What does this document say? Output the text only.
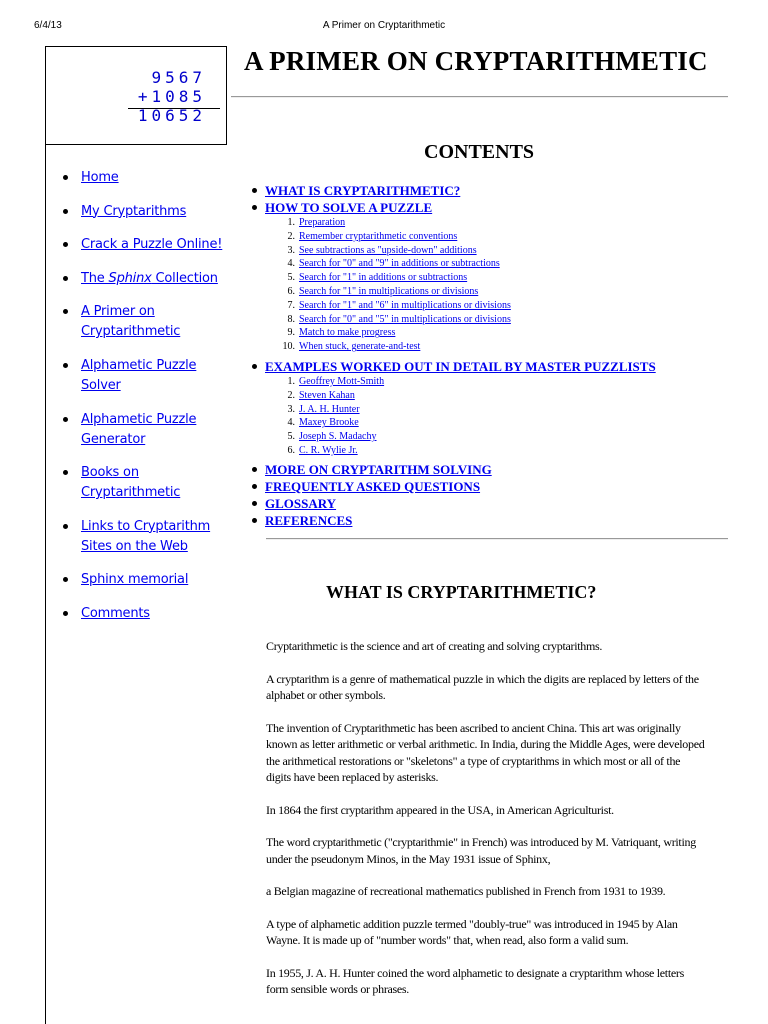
6/4/13	A Primer on Cryptarithmetic
9567
+1085
10652
A PRIMER ON CRYPTARITHMETIC
Home
My Cryptarithms
Crack a Puzzle Online!
The Sphinx Collection
A Primer on Cryptarithmetic
Alphametic Puzzle Solver
Alphametic Puzzle Generator
Books on Cryptarithmetic
Links to Cryptarithm Sites on the Web
Sphinx memorial
Comments
CONTENTS
WHAT IS CRYPTARITHMETIC?
HOW TO SOLVE A PUZZLE
1. Preparation
2. Remember cryptarithmetic conventions
3. See subtractions as "upside-down" additions
4. Search for "0" and "9" in additions or subtractions
5. Search for "1" in additions or subtractions
6. Search for "1" in multiplications or divisions
7. Search for "1" and "6" in multiplications or divisions
8. Search for "0" and "5" in multiplications or divisions
9. Match to make progress
10. When stuck, generate-and-test
EXAMPLES WORKED OUT IN DETAIL BY MASTER PUZZLISTS
1. Geoffrey Mott-Smith
2. Steven Kahan
3. J. A. H. Hunter
4. Maxey Brooke
5. Joseph S. Madachy
6. C. R. Wylie Jr.
MORE ON CRYPTARITHM SOLVING
FREQUENTLY ASKED QUESTIONS
GLOSSARY
REFERENCES
WHAT IS CRYPTARITHMETIC?

Cryptarithmetic is the science and art of creating and solving cryptarithms.

A cryptarithm is a genre of mathematical puzzle in which the digits are replaced by letters of the alphabet or other symbols.

The invention of Cryptarithmetic has been ascribed to ancient China. This art was originally known as letter arithmetic or verbal arithmetic. In India, during the Middle Ages, were developed the arithmetical restorations or "skeletons" a type of cryptarithms in which most or all of the digits have been replaced by asterisks.

In 1864 the first cryptarithm appeared in the USA, in American Agriculturist.

The word cryptarithmetic ("cryptarithmie" in French) was introduced by M. Vatriquant, writing under the pseudonym Minos, in the May 1931 issue of Sphinx,

a Belgian magazine of recreational mathematics published in French from 1931 to 1939.

A type of alphametic addition puzzle termed "doubly-true" was introduced in 1945 by Alan Wayne. It is made up of "number words" that, when read, also form a valid sum.

In 1955, J. A. H. Hunter coined the word alphametic to designate a cryptarithm whose letters form sensible words or phrases.
